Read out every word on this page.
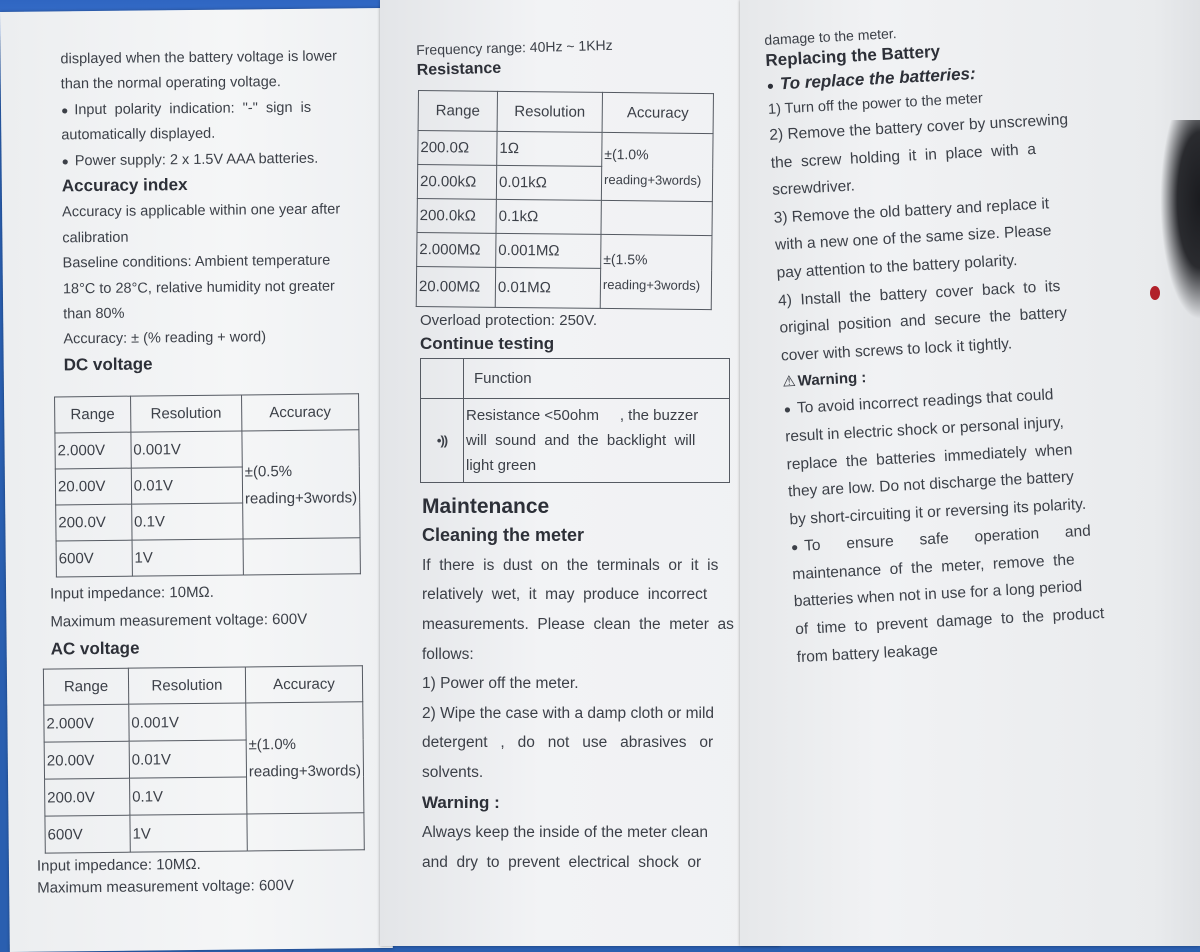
displayed when the battery voltage is lower

than the normal operating voltage.

● Input  polarity  indication:  "-"  sign  is

automatically displayed.

● Power supply: 2 x 1.5V AAA batteries.

Accuracy index

Accuracy is applicable within one year after

calibration

Baseline conditions: Ambient temperature

18°C to 28°C, relative humidity not greater

than 80%

Accuracy: ± (% reading + word)

DC voltage

Range	Resolution	Accuracy
2.000V	0.001V	±(0.5%
reading+3words)

20.00V	0.01V	
200.0V	0.1V	
600V	1V	

Input impedance: 10MΩ.

Maximum measurement voltage: 600V

AC voltage

Range	Resolution	Accuracy
2.000V	0.001V	±(1.0%
reading+3words)

20.00V	0.01V	
200.0V	0.1V	
600V	1V	

Input impedance: 10MΩ.

Maximum measurement voltage: 600V

Frequency range: 40Hz ~ 1KHz

Resistance

Range	Resolution	Accuracy
200.0Ω	1Ω	±(1.0%
reading+3words)

20.00kΩ	0.01kΩ	
200.0kΩ	0.1kΩ	
2.000MΩ	0.001MΩ	±(1.5%
reading+3words)

20.00MΩ	0.01MΩ	

Overload protection: 250V.

Continue testing

	Function
•))	Resistance <50ohm     , the buzzer
will  sound  and  the  backlight  will
light green

Maintenance

Cleaning the meter

If  there  is  dust  on  the  terminals  or  it  is

relatively  wet,  it  may  produce  incorrect

measurements.  Please  clean  the  meter  as

follows:

1) Power off the meter.

2) Wipe the case with a damp cloth or mild

detergent   ,   do   not   use   abrasives   or

solvents.

Warning :

Always keep the inside of the meter clean

and  dry  to  prevent  electrical  shock  or

damage to the meter.

Replacing the Battery

● To replace the batteries:

1) Turn off the power to the meter

2) Remove the battery cover by unscrewing

the  screw  holding  it  in  place  with  a

screwdriver.

3) Remove the old battery and replace it

with a new one of the same size. Please

pay attention to the battery polarity.

4)  Install  the  battery  cover  back  to  its

original  position  and  secure  the  battery

cover with screws to lock it tightly.

⚠Warning :

● To avoid incorrect readings that could

result in electric shock or personal injury,

replace  the  batteries  immediately  when

they are low. Do not discharge the battery

by short-circuiting it or reversing its polarity.

● To      ensure      safe      operation      and

maintenance  of  the  meter,  remove  the

batteries when not in use for a long period

of  time  to  prevent  damage  to  the  product

from battery leakage
